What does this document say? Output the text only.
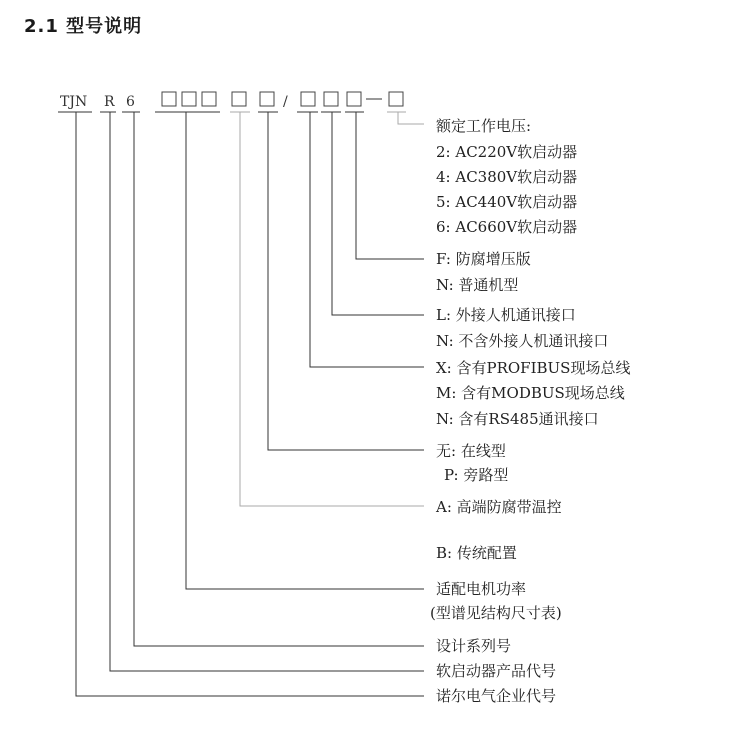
2.1 型号说明
TJN R 6	/
额定工作电压:
2: AC220V软启动器
4: AC380V软启动器
5: AC440V软启动器
6: AC660V软启动器
F: 防腐增压版
N: 普通机型
L: 外接人机通讯接口
N: 不含外接人机通讯接口
X: 含有PROFIBUS现场总线
M: 含有MODBUS现场总线
N: 含有RS485通讯接口
无: 在线型
P: 旁路型
A: 高端防腐带温控
B: 传统配置
适配电机功率
(型谱见结构尺寸表)
设计系列号
软启动器产品代号
诺尔电气企业代号
